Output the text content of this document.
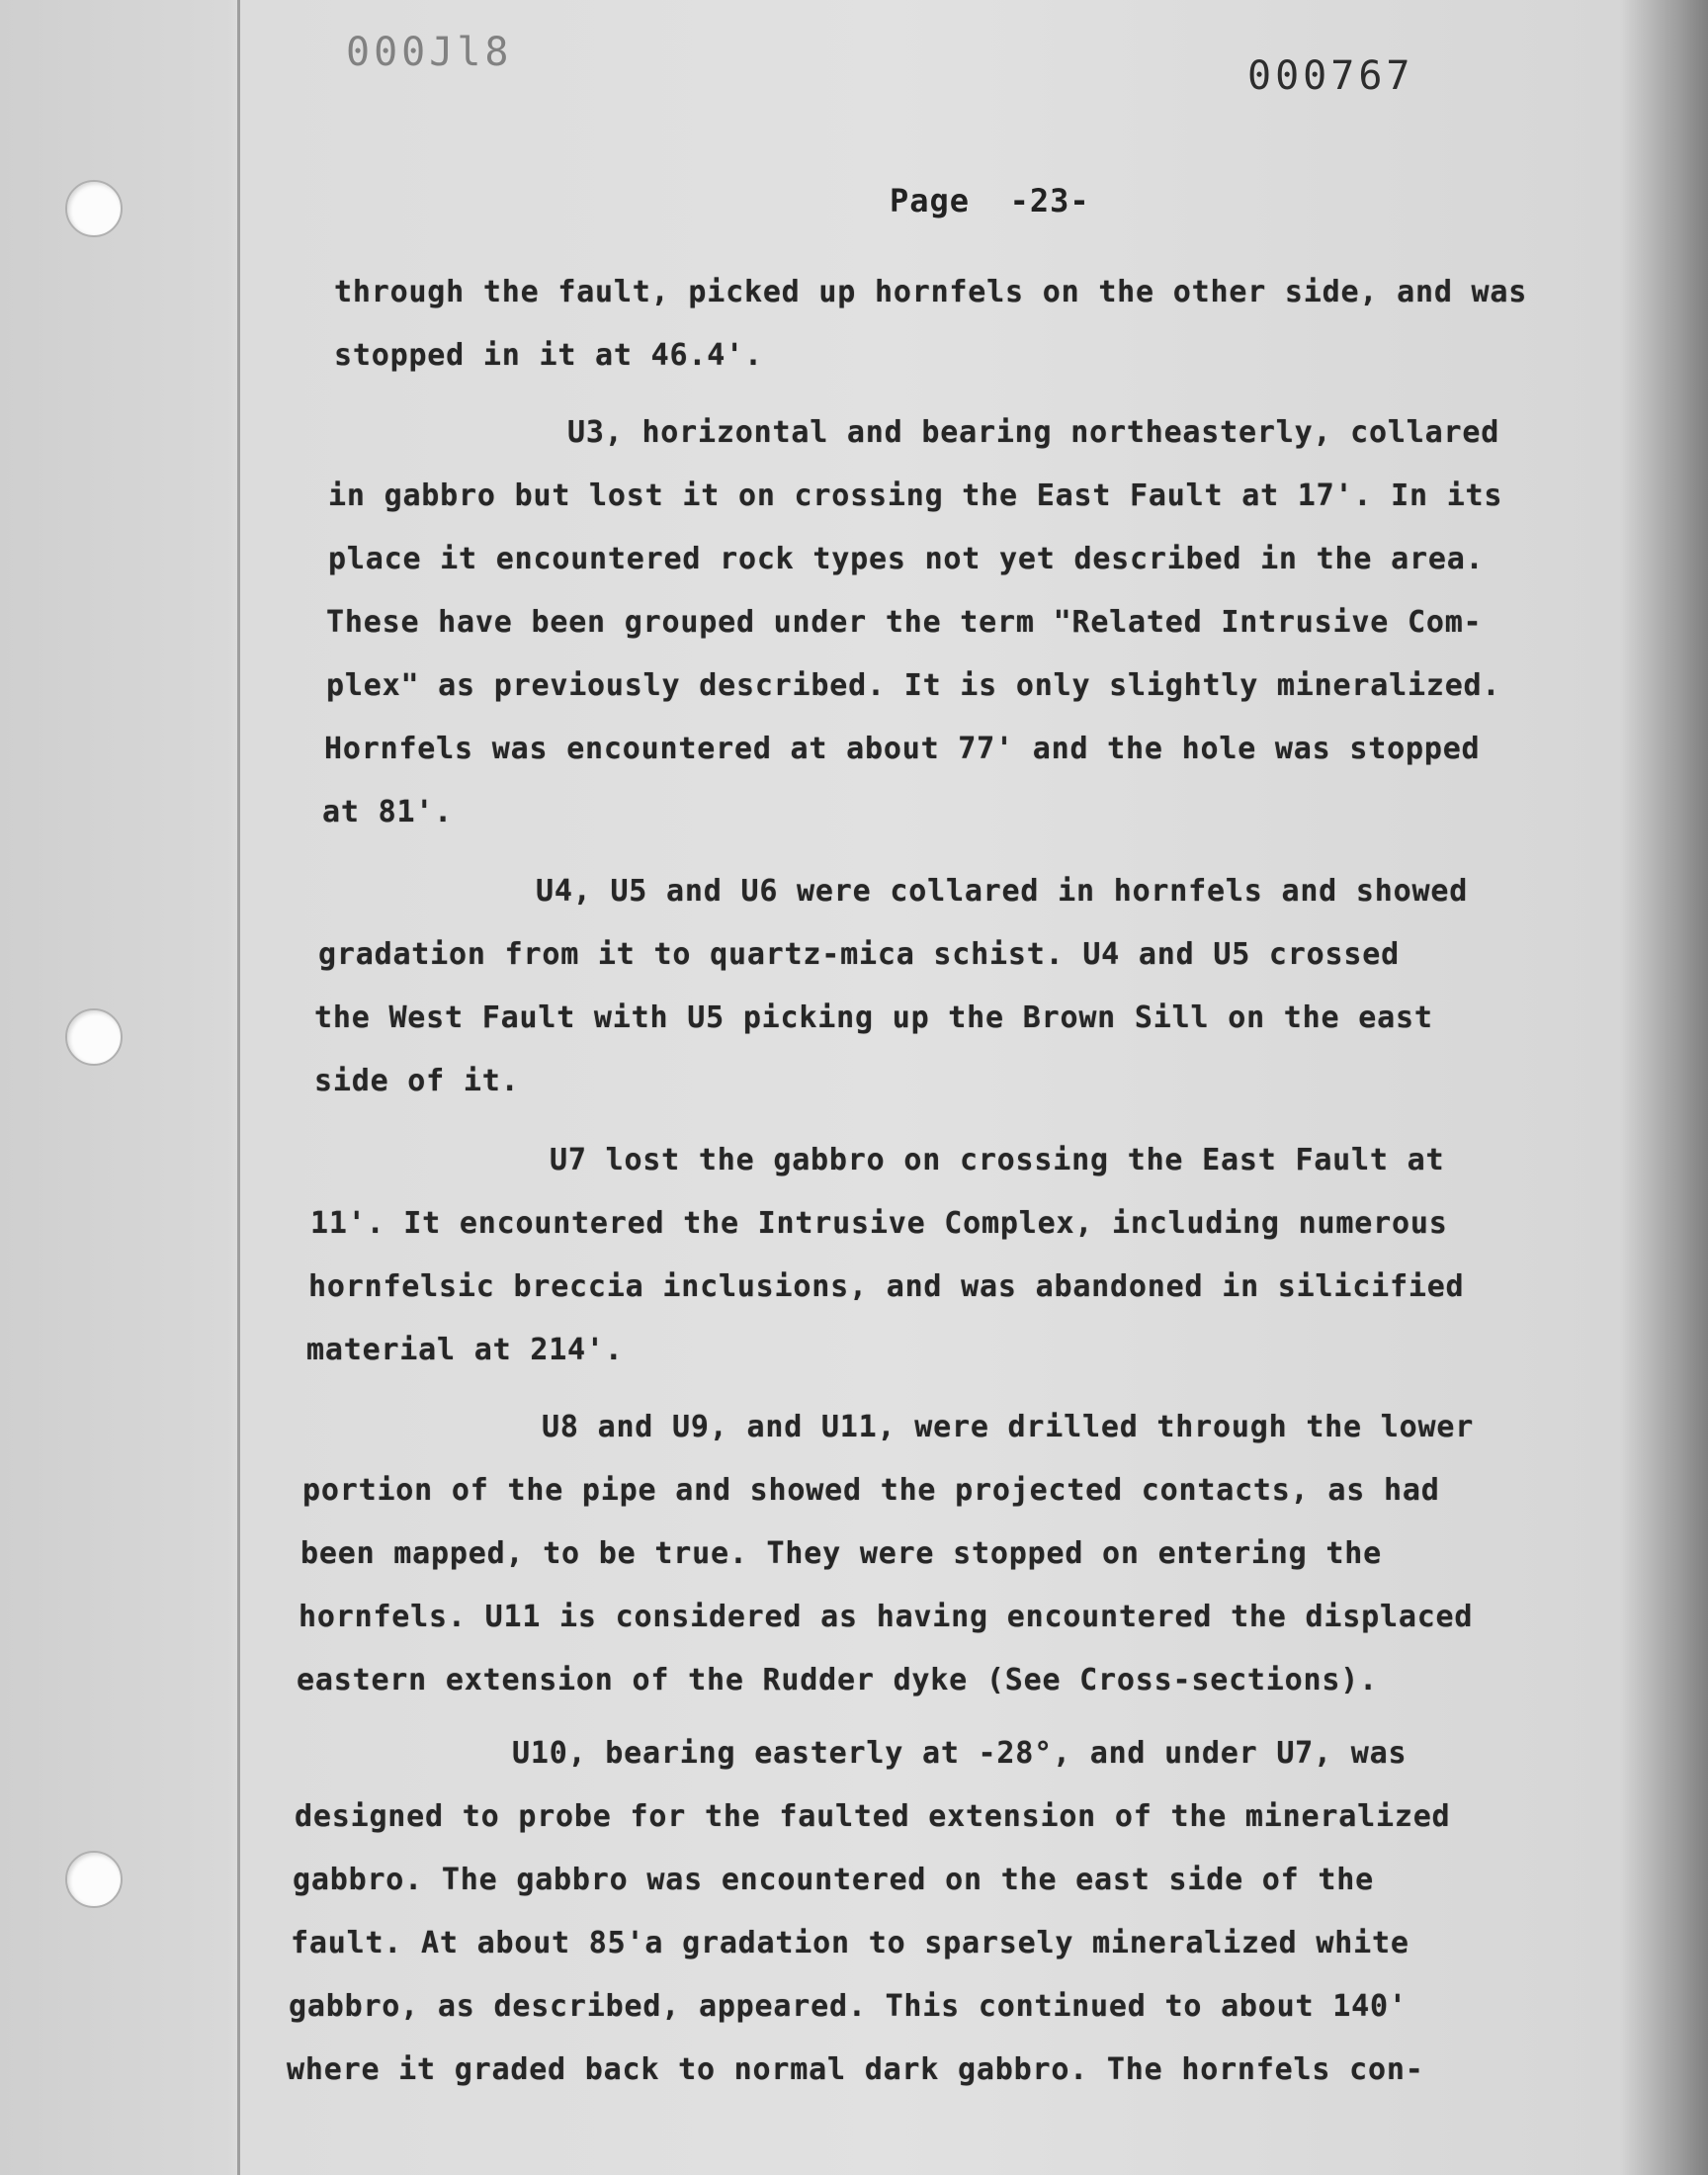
000Jl8
000767
Page  -23-
through the fault, picked up hornfels on the other side, and was
stopped in it at 46.4'.
U3, horizontal and bearing northeasterly, collared
in gabbro but lost it on crossing the East Fault at 17'. In its
place it encountered rock types not yet described in the area.
These have been grouped under the term "Related Intrusive Com-
plex" as previously described. It is only slightly mineralized.
Hornfels was encountered at about 77' and the hole was stopped
at 81'.
U4, U5 and U6 were collared in hornfels and showed
gradation from it to quartz-mica schist. U4 and U5 crossed
the West Fault with U5 picking up the Brown Sill on the east
side of it.
U7 lost the gabbro on crossing the East Fault at
11'. It encountered the Intrusive Complex, including numerous
hornfelsic breccia inclusions, and was abandoned in silicified
material at 214'.
U8 and U9, and U11, were drilled through the lower
portion of the pipe and showed the projected contacts, as had
been mapped, to be true. They were stopped on entering the
hornfels. U11 is considered as having encountered the displaced
eastern extension of the Rudder dyke (See Cross-sections).
U10, bearing easterly at -28°, and under U7, was
designed to probe for the faulted extension of the mineralized
gabbro. The gabbro was encountered on the east side of the
fault. At about 85'a gradation to sparsely mineralized white
gabbro, as described, appeared. This continued to about 140'
where it graded back to normal dark gabbro. The hornfels con-
